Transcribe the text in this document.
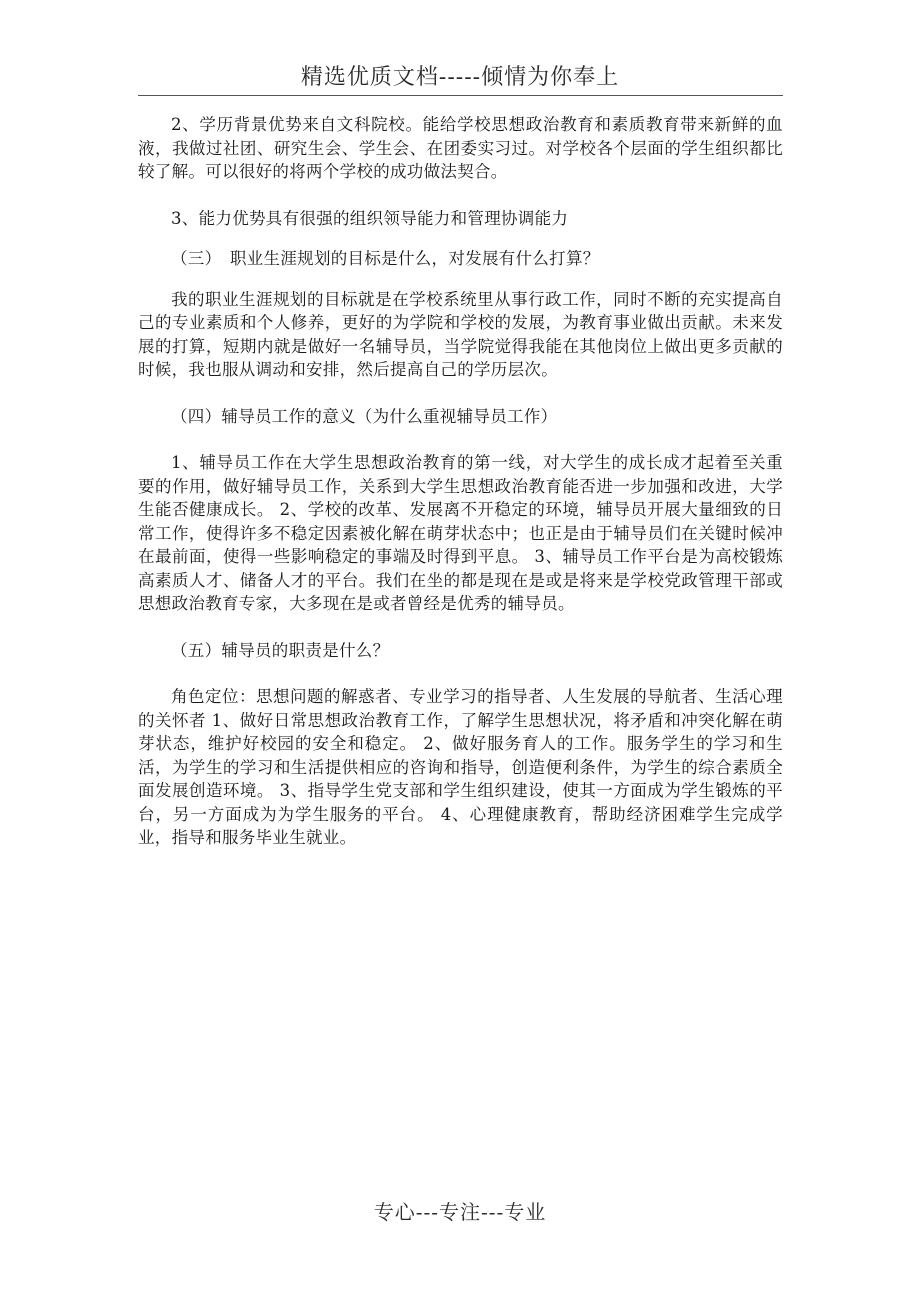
精选优质文档-----倾情为你奉上

2、学历背景优势来自文科院校。能给学校思想政治教育和素质教育带来新鲜的血液，我做过社团、研究生会、学生会、在团委实习过。对学校各个层面的学生组织都比较了解。可以很好的将两个学校的成功做法契合。

3、能力优势具有很强的组织领导能力和管理协调能力

（三）　职业生涯规划的目标是什么，对发展有什么打算？

我的职业生涯规划的目标就是在学校系统里从事行政工作，同时不断的充实提高自己的专业素质和个人修养，更好的为学院和学校的发展，为教育事业做出贡献。未来发展的打算，短期内就是做好一名辅导员，当学院觉得我能在其他岗位上做出更多贡献的时候，我也服从调动和安排，然后提高自己的学历层次。

（四）辅导员工作的意义（为什么重视辅导员工作）

1、辅导员工作在大学生思想政治教育的第一线，对大学生的成长成才起着至关重要的作用，做好辅导员工作，关系到大学生思想政治教育能否进一步加强和改进，大学生能否健康成长。 2、学校的改革、发展离不开稳定的环境，辅导员开展大量细致的日常工作，使得许多不稳定因素被化解在萌芽状态中；也正是由于辅导员们在关键时候冲在最前面，使得一些影响稳定的事端及时得到平息。 3、辅导员工作平台是为高校锻炼高素质人才、储备人才的平台。我们在坐的都是现在是或是将来是学校党政管理干部或思想政治教育专家，大多现在是或者曾经是优秀的辅导员。

（五）辅导员的职责是什么？

角色定位：思想问题的解惑者、专业学习的指导者、人生发展的导航者、生活心理的关怀者 1、做好日常思想政治教育工作，了解学生思想状况，将矛盾和冲突化解在萌芽状态，维护好校园的安全和稳定。 2、做好服务育人的工作。服务学生的学习和生活，为学生的学习和生活提供相应的咨询和指导，创造便利条件，为学生的综合素质全面发展创造环境。 3、指导学生党支部和学生组织建设，使其一方面成为学生锻炼的平台，另一方面成为为学生服务的平台。 4、心理健康教育，帮助经济困难学生完成学业，指导和服务毕业生就业。

专心---专注---专业
